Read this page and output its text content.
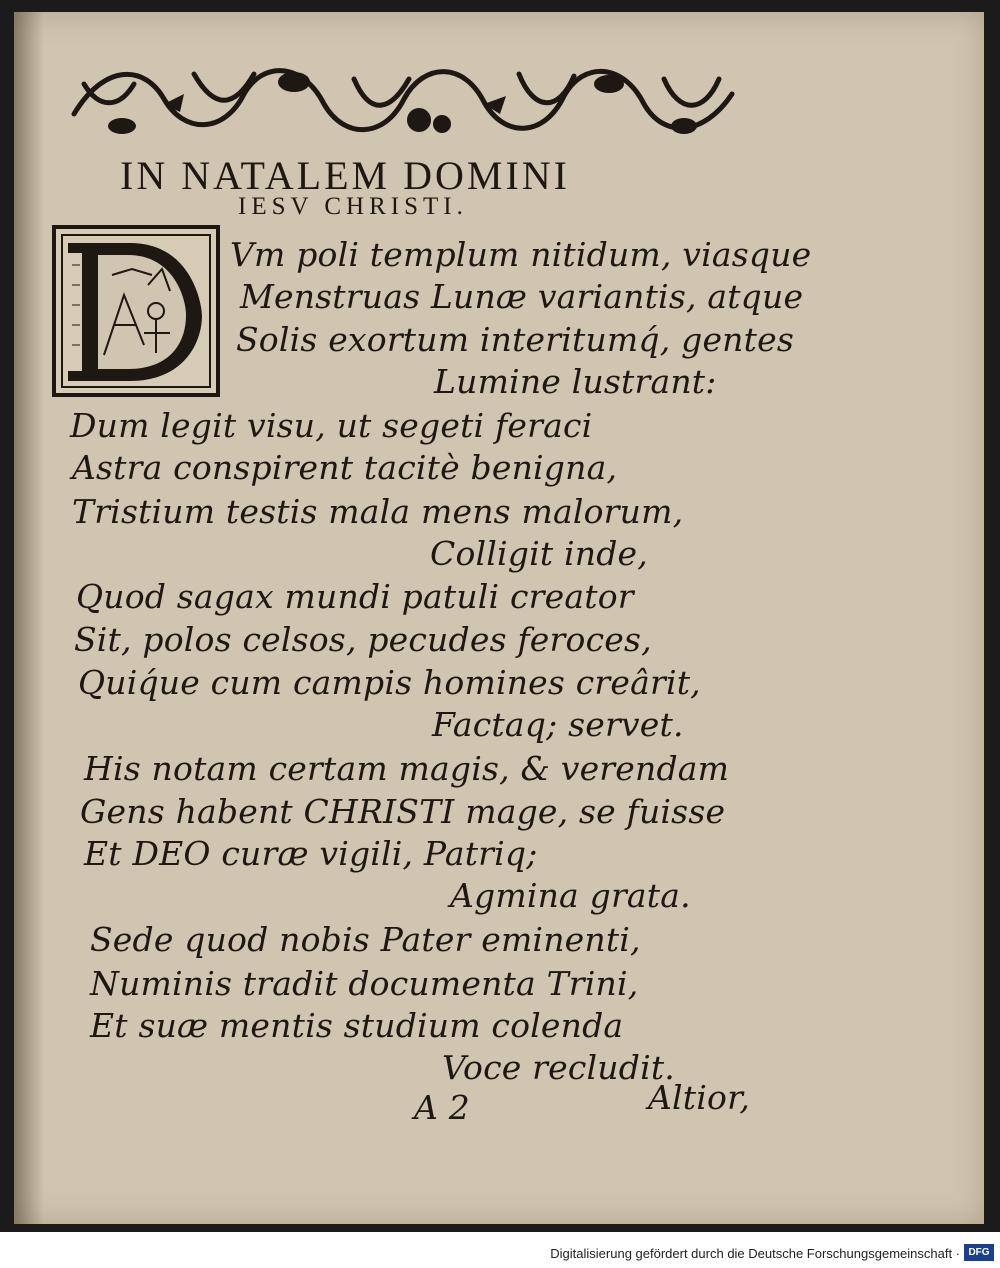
IN NATALEM DOMINI
IESV CHRISTI.
Vm poli templum nitidum, viasque
Menstruas Lunæ variantis, atque
Solis exortum interitumq́, gentes
Lumine lustrant:
Dum legit visu, ut segeti feraci
Astra conspirent tacitè benigna,
Tristium testis mala mens malorum,
Colligit inde,
Quod sagax mundi patuli creator
Sit, polos celsos, pecudes feroces,
Quiq́ue cum campis homines creârit,
Factaq; servet.
His notam certam magis, & verendam
Gens habent CHRISTI mage, se fuisse
Et DEO curæ vigili, Patriq;
Agmina grata.
Sede quod nobis Pater eminenti,
Numinis tradit documenta Trini,
Et suæ mentis studium colenda
Voce recludit.
A 2	Altior,
Digitalisierung gefördert durch die Deutsche Forschungsgemeinschaft · DFG
